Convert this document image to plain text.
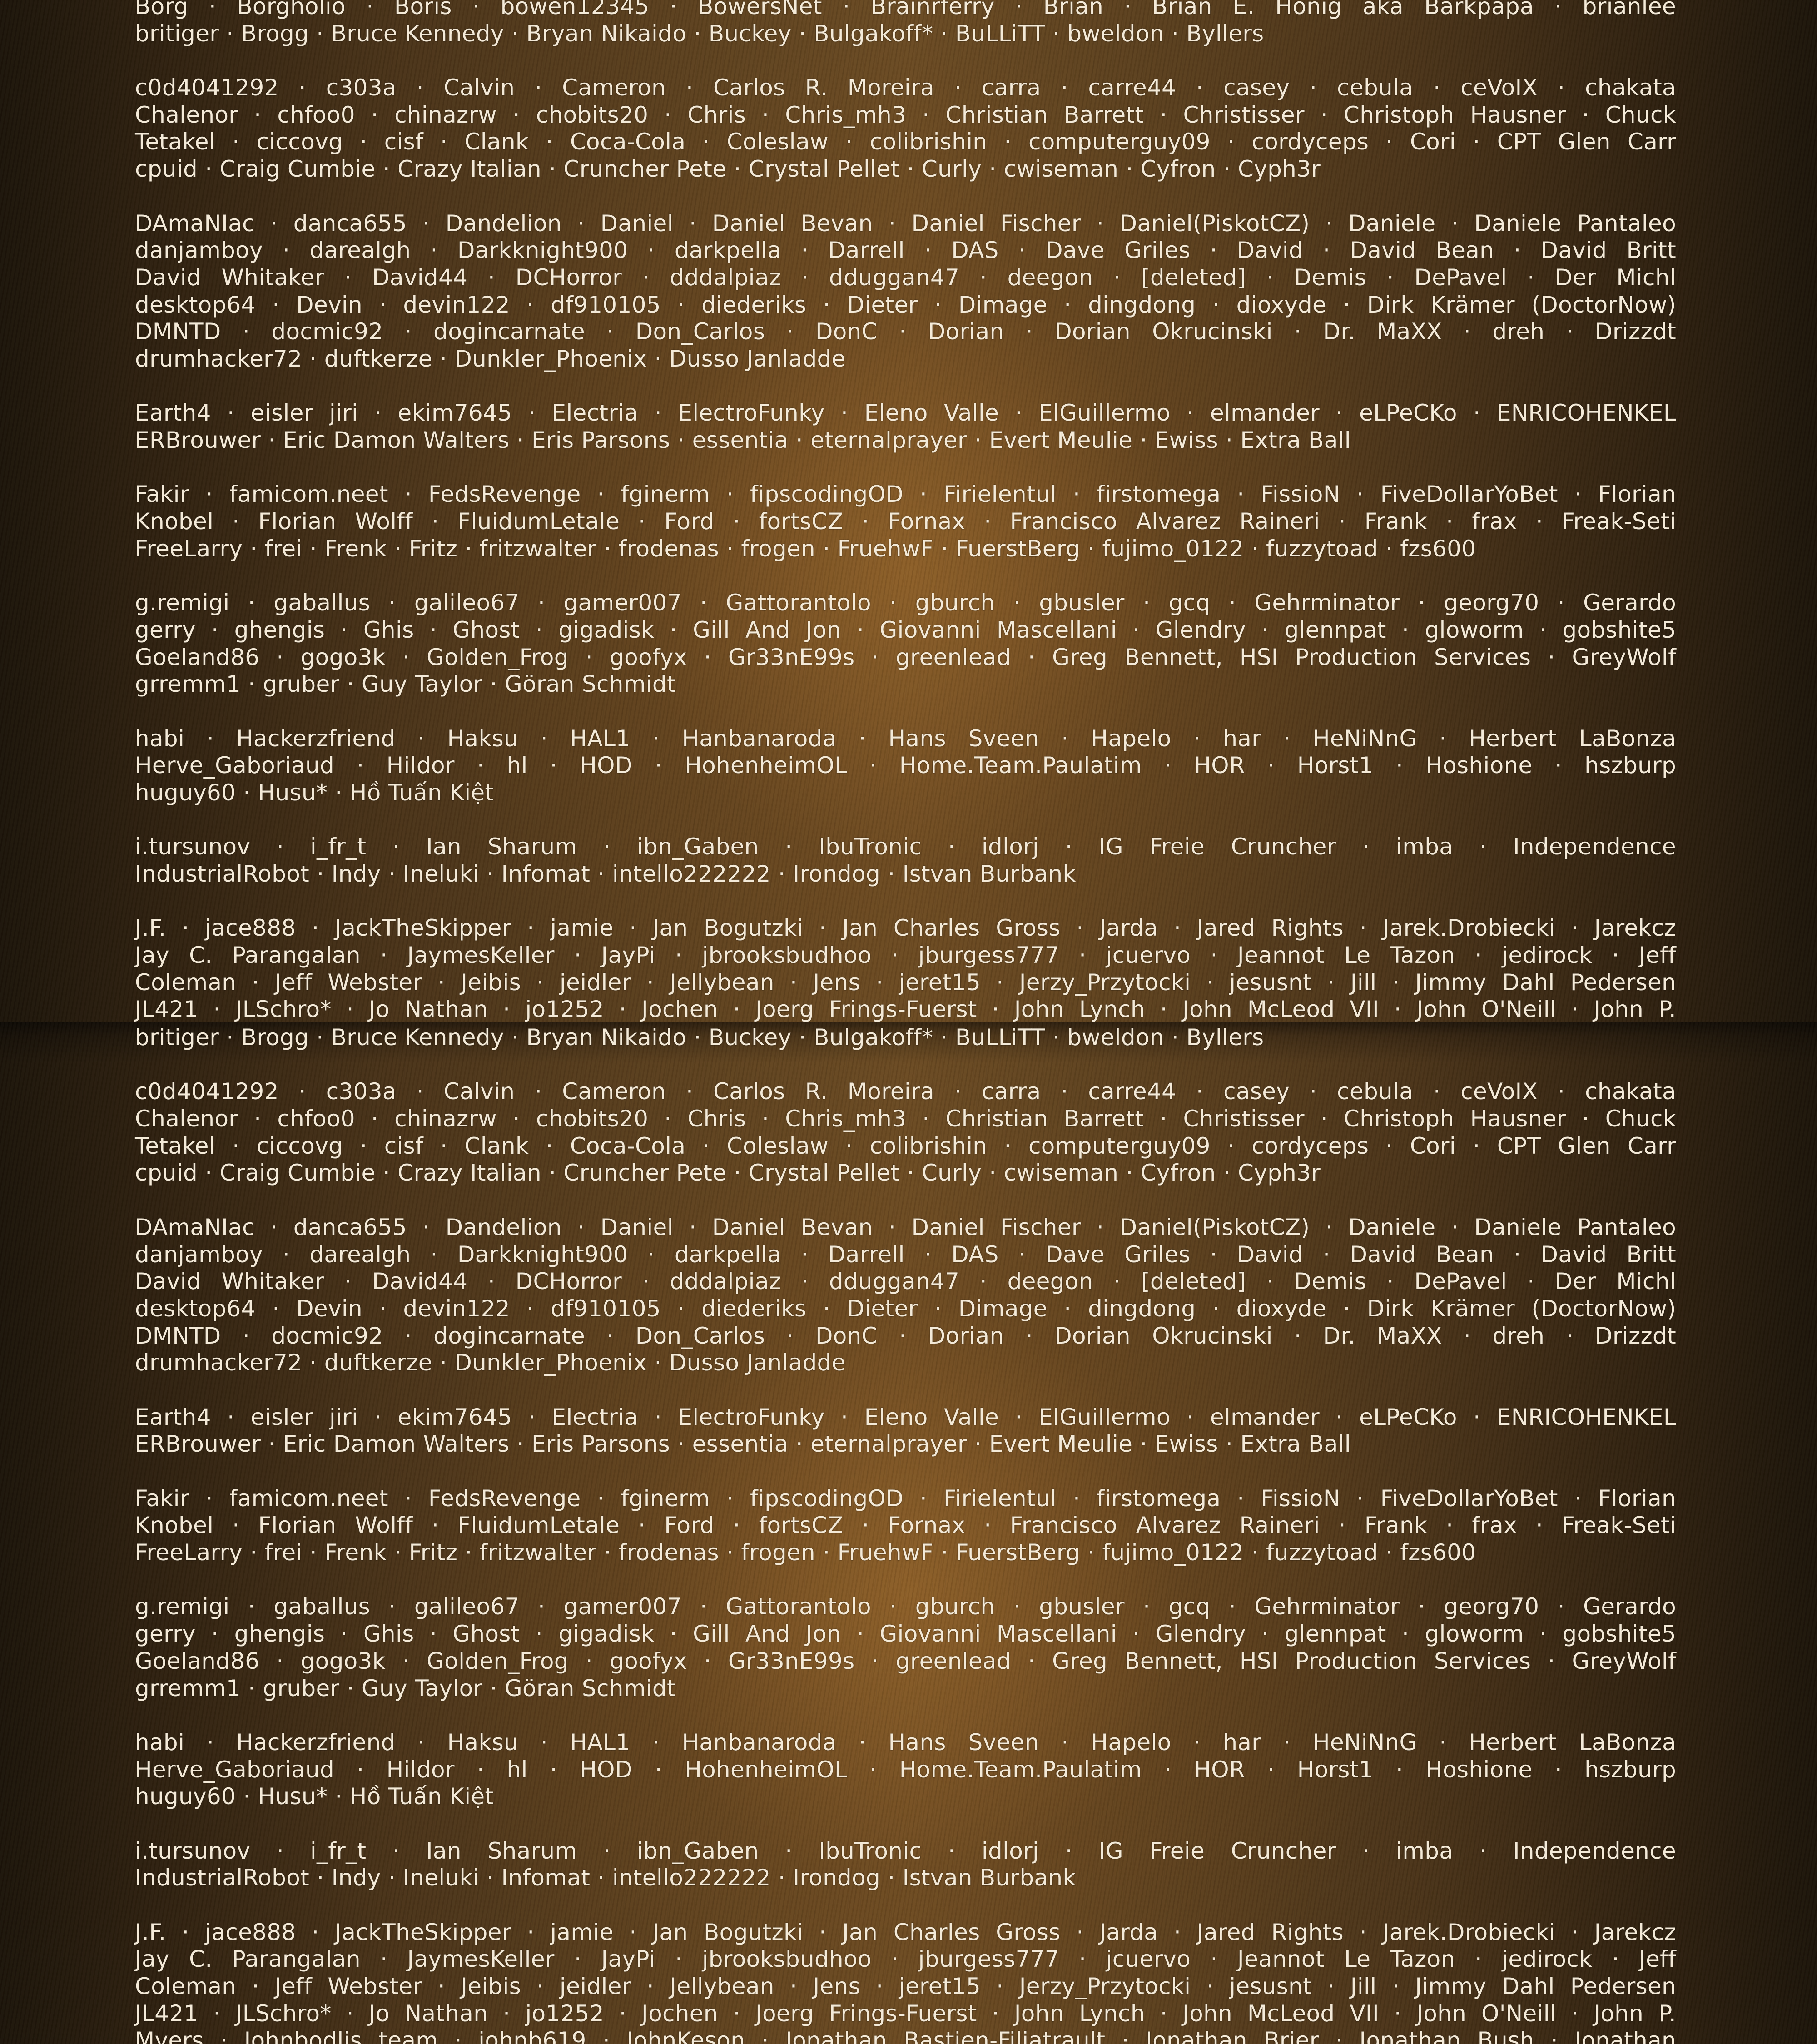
Borg · Borgholio · Boris · bowen12345 · BowersNet · Brainrferry · Brian · Brian E. Honig aka Barkpapa · brianlee
britiger · Brogg · Bruce Kennedy · Bryan Nikaido · Buckey · Bulgakoff* · BuLLiTT · bweldon · Byllers
c0d4041292 · c303a · Calvin · Cameron · Carlos R. Moreira · carra · carre44 · casey · cebula · ceVoIX · chakata
Chalenor · chfoo0 · chinazrw · chobits20 · Chris · Chris_mh3 · Christian Barrett · Christisser · Christoph Hausner · Chuck
Tetakel · ciccovg · cisf · Clank · Coca-Cola · Coleslaw · colibrishin · computerguy09 · cordyceps · Cori · CPT Glen Carr
cpuid · Craig Cumbie · Crazy Italian · Cruncher Pete · Crystal Pellet · Curly · cwiseman · Cyfron · Cyph3r
DAmaNIac · danca655 · Dandelion · Daniel · Daniel Bevan · Daniel Fischer · Daniel(PiskotCZ) · Daniele · Daniele Pantaleo
danjamboy · darealgh · Darkknight900 · darkpella · Darrell · DAS · Dave Griles · David · David Bean · David Britt
David Whitaker · David44 · DCHorror · dddalpiaz · dduggan47 · deegon · [deleted] · Demis · DePavel · Der Michl
desktop64 · Devin · devin122 · df910105 · diederiks · Dieter · Dimage · dingdong · dioxyde · Dirk Krämer (DoctorNow)
DMNTD · docmic92 · dogincarnate · Don_Carlos · DonC · Dorian · Dorian Okrucinski · Dr. MaXX · dreh · Drizzdt
drumhacker72 · duftkerze · Dunkler_Phoenix · Dusso Janladde
Earth4 · eisler jiri · ekim7645 · Electria · ElectroFunky · Eleno Valle · ElGuillermo · elmander · eLPeCKo · ENRICOHENKEL
ERBrouwer · Eric Damon Walters · Eris Parsons · essentia · eternalprayer · Evert Meulie · Ewiss · Extra Ball
Fakir · famicom.neet · FedsRevenge · fginerm · fipscodingOD · Firielentul · firstomega · FissioN · FiveDollarYoBet · Florian
Knobel · Florian Wolff · FluidumLetale · Ford · fortsCZ · Fornax · Francisco Alvarez Raineri · Frank · frax · Freak-Seti
FreeLarry · frei · Frenk · Fritz · fritzwalter · frodenas · frogen · FruehwF · FuerstBerg · fujimo_0122 · fuzzytoad · fzs600
g.remigi · gaballus · galileo67 · gamer007 · Gattorantolo · gburch · gbusler · gcq · Gehrminator · georg70 · Gerardo
gerry · ghengis · Ghis · Ghost · gigadisk · Gill And Jon · Giovanni Mascellani · Glendry · glennpat · gloworm · gobshite5
Goeland86 · gogo3k · Golden_Frog · goofyx · Gr33nE99s · greenlead · Greg Bennett, HSI Production Services · GreyWolf
grremm1 · gruber · Guy Taylor · Göran Schmidt
habi · Hackerzfriend · Haksu · HAL1 · Hanbanaroda · Hans Sveen · Hapelo · har · HeNiNnG · Herbert LaBonza
Herve_Gaboriaud · Hildor · hl · HOD · HohenheimOL · Home.Team.Paulatim · HOR · Horst1 · Hoshione · hszburp
huguy60 · Husu* · Hồ Tuấn Kiệt
i.tursunov · i_fr_t · Ian Sharum · ibn_Gaben · IbuTronic · idlorj · IG Freie Cruncher · imba · Independence
IndustrialRobot · Indy · Ineluki · Infomat · intello222222 · Irondog · Istvan Burbank
J.F. · jace888 · JackTheSkipper · jamie · Jan Bogutzki · Jan Charles Gross · Jarda · Jared Rights · Jarek.Drobiecki · Jarekcz
Jay C. Parangalan · JaymesKeller · JayPi · jbrooksbudhoo · jburgess777 · jcuervo · Jeannot Le Tazon · jedirock · Jeff
Coleman · Jeff Webster · Jeibis · jeidler · Jellybean · Jens · jeret15 · Jerzy_Przytocki · jesusnt · Jill · Jimmy Dahl Pedersen
JL421 · JLSchro* · Jo Nathan · jo1252 · Jochen · Joerg Frings-Fuerst · John Lynch · John McLeod VII · John O'Neill · John P.
britiger · Brogg · Bruce Kennedy · Bryan Nikaido · Buckey · Bulgakoff* · BuLLiTT · bweldon · Byllers
c0d4041292 · c303a · Calvin · Cameron · Carlos R. Moreira · carra · carre44 · casey · cebula · ceVoIX · chakata
Chalenor · chfoo0 · chinazrw · chobits20 · Chris · Chris_mh3 · Christian Barrett · Christisser · Christoph Hausner · Chuck
Tetakel · ciccovg · cisf · Clank · Coca-Cola · Coleslaw · colibrishin · computerguy09 · cordyceps · Cori · CPT Glen Carr
cpuid · Craig Cumbie · Crazy Italian · Cruncher Pete · Crystal Pellet · Curly · cwiseman · Cyfron · Cyph3r
DAmaNIac · danca655 · Dandelion · Daniel · Daniel Bevan · Daniel Fischer · Daniel(PiskotCZ) · Daniele · Daniele Pantaleo
danjamboy · darealgh · Darkknight900 · darkpella · Darrell · DAS · Dave Griles · David · David Bean · David Britt
David Whitaker · David44 · DCHorror · dddalpiaz · dduggan47 · deegon · [deleted] · Demis · DePavel · Der Michl
desktop64 · Devin · devin122 · df910105 · diederiks · Dieter · Dimage · dingdong · dioxyde · Dirk Krämer (DoctorNow)
DMNTD · docmic92 · dogincarnate · Don_Carlos · DonC · Dorian · Dorian Okrucinski · Dr. MaXX · dreh · Drizzdt
drumhacker72 · duftkerze · Dunkler_Phoenix · Dusso Janladde
Earth4 · eisler jiri · ekim7645 · Electria · ElectroFunky · Eleno Valle · ElGuillermo · elmander · eLPeCKo · ENRICOHENKEL
ERBrouwer · Eric Damon Walters · Eris Parsons · essentia · eternalprayer · Evert Meulie · Ewiss · Extra Ball
Fakir · famicom.neet · FedsRevenge · fginerm · fipscodingOD · Firielentul · firstomega · FissioN · FiveDollarYoBet · Florian
Knobel · Florian Wolff · FluidumLetale · Ford · fortsCZ · Fornax · Francisco Alvarez Raineri · Frank · frax · Freak-Seti
FreeLarry · frei · Frenk · Fritz · fritzwalter · frodenas · frogen · FruehwF · FuerstBerg · fujimo_0122 · fuzzytoad · fzs600
g.remigi · gaballus · galileo67 · gamer007 · Gattorantolo · gburch · gbusler · gcq · Gehrminator · georg70 · Gerardo
gerry · ghengis · Ghis · Ghost · gigadisk · Gill And Jon · Giovanni Mascellani · Glendry · glennpat · gloworm · gobshite5
Goeland86 · gogo3k · Golden_Frog · goofyx · Gr33nE99s · greenlead · Greg Bennett, HSI Production Services · GreyWolf
grremm1 · gruber · Guy Taylor · Göran Schmidt
habi · Hackerzfriend · Haksu · HAL1 · Hanbanaroda · Hans Sveen · Hapelo · har · HeNiNnG · Herbert LaBonza
Herve_Gaboriaud · Hildor · hl · HOD · HohenheimOL · Home.Team.Paulatim · HOR · Horst1 · Hoshione · hszburp
huguy60 · Husu* · Hồ Tuấn Kiệt
i.tursunov · i_fr_t · Ian Sharum · ibn_Gaben · IbuTronic · idlorj · IG Freie Cruncher · imba · Independence
IndustrialRobot · Indy · Ineluki · Infomat · intello222222 · Irondog · Istvan Burbank
J.F. · jace888 · JackTheSkipper · jamie · Jan Bogutzki · Jan Charles Gross · Jarda · Jared Rights · Jarek.Drobiecki · Jarekcz
Jay C. Parangalan · JaymesKeller · JayPi · jbrooksbudhoo · jburgess777 · jcuervo · Jeannot Le Tazon · jedirock · Jeff
Coleman · Jeff Webster · Jeibis · jeidler · Jellybean · Jens · jeret15 · Jerzy_Przytocki · jesusnt · Jill · Jimmy Dahl Pedersen
JL421 · JLSchro* · Jo Nathan · jo1252 · Jochen · Joerg Frings-Fuerst · John Lynch · John McLeod VII · John O'Neill · John P.
Myers · Johnbodlis team · johnb619 · JohnKeson · Jonathan Bastien-Filiatrault · Jonathan Brier · Jonathan Bush · Jonathan
